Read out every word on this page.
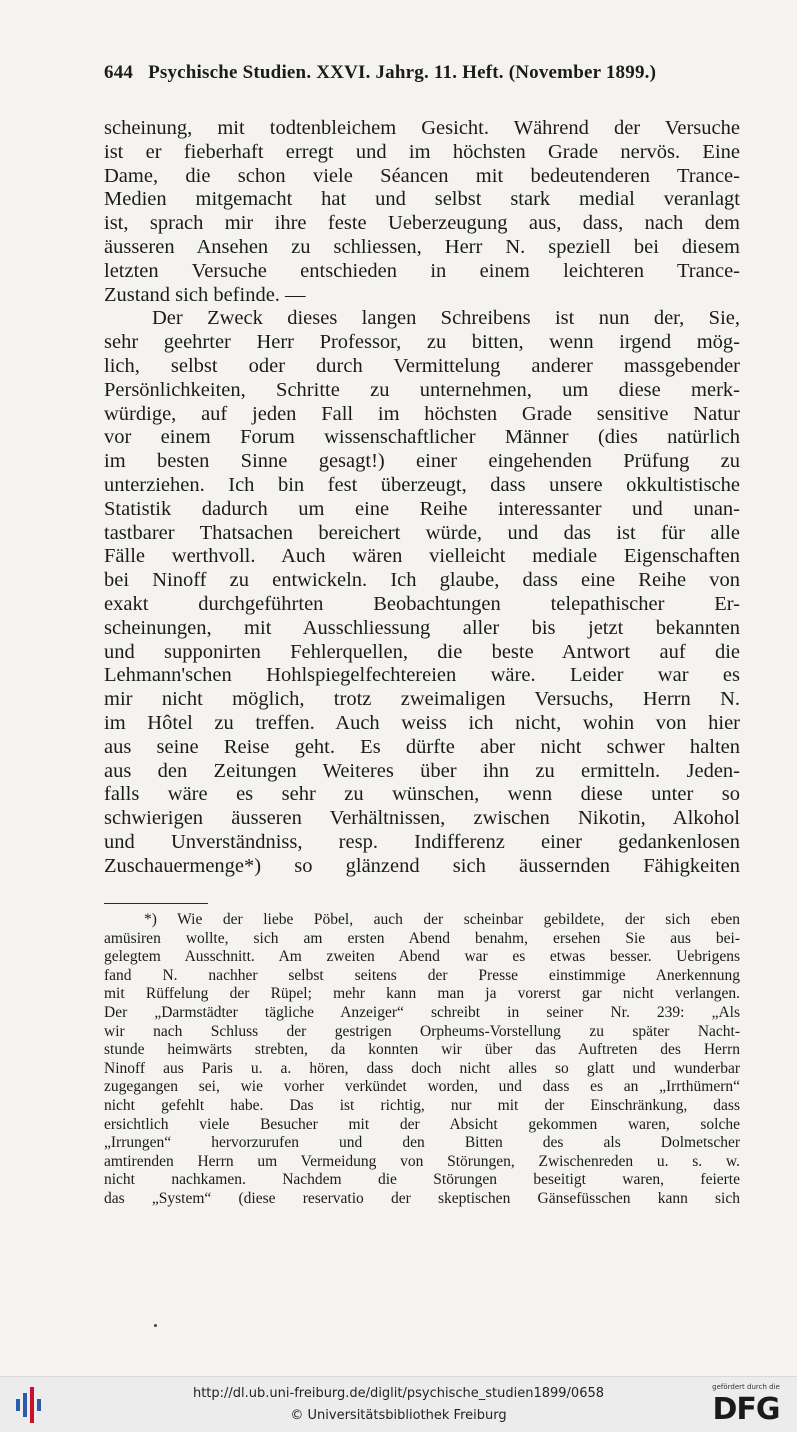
644 Psychische Studien. XXVI. Jahrg. 11. Heft. (November 1899.)
scheinung, mit todtenbleichem Gesicht. Während der Versuche
ist er fieberhaft erregt und im höchsten Grade nervös. Eine
Dame, die schon viele Séancen mit bedeutenderen Trance-
Medien mitgemacht hat und selbst stark medial veranlagt
ist, sprach mir ihre feste Ueberzeugung aus, dass, nach dem
äusseren Ansehen zu schliessen, Herr N. speziell bei diesem
letzten Versuche entschieden in einem leichteren Trance-
Zustand sich befinde. —
Der Zweck dieses langen Schreibens ist nun der, Sie,
sehr geehrter Herr Professor, zu bitten, wenn irgend mög-
lich, selbst oder durch Vermittelung anderer massgebender
Persönlichkeiten, Schritte zu unternehmen, um diese merk-
würdige, auf jeden Fall im höchsten Grade sensitive Natur
vor einem Forum wissenschaftlicher Männer (dies natürlich
im besten Sinne gesagt!) einer eingehenden Prüfung zu
unterziehen. Ich bin fest überzeugt, dass unsere okkultistische
Statistik dadurch um eine Reihe interessanter und unan-
tastbarer Thatsachen bereichert würde, und das ist für alle
Fälle werthvoll. Auch wären vielleicht mediale Eigenschaften
bei Ninoff zu entwickeln. Ich glaube, dass eine Reihe von
exakt durchgeführten Beobachtungen telepathischer Er-
scheinungen, mit Ausschliessung aller bis jetzt bekannten
und supponirten Fehlerquellen, die beste Antwort auf die
Lehmann'schen Hohlspiegelfechtereien wäre. Leider war es
mir nicht möglich, trotz zweimaligen Versuchs, Herrn N.
im Hôtel zu treffen. Auch weiss ich nicht, wohin von hier
aus seine Reise geht. Es dürfte aber nicht schwer halten
aus den Zeitungen Weiteres über ihn zu ermitteln. Jeden-
falls wäre es sehr zu wünschen, wenn diese unter so
schwierigen äusseren Verhältnissen, zwischen Nikotin, Alkohol
und Unverständniss, resp. Indifferenz einer gedankenlosen
Zuschauermenge*) so glänzend sich äussernden Fähigkeiten
*) Wie der liebe Pöbel, auch der scheinbar gebildete, der sich eben
amüsiren wollte, sich am ersten Abend benahm, ersehen Sie aus bei-
gelegtem Ausschnitt. Am zweiten Abend war es etwas besser. Uebrigens
fand N. nachher selbst seitens der Presse einstimmige Anerkennung
mit Rüffelung der Rüpel; mehr kann man ja vorerst gar nicht verlangen.
Der „Darmstädter tägliche Anzeiger“ schreibt in seiner Nr. 239: „Als
wir nach Schluss der gestrigen Orpheums-Vorstellung zu später Nacht-
stunde heimwärts strebten, da konnten wir über das Auftreten des Herrn
Ninoff aus Paris u. a. hören, dass doch nicht alles so glatt und wunderbar
zugegangen sei, wie vorher verkündet worden, und dass es an „Irrthümern“
nicht gefehlt habe. Das ist richtig, nur mit der Einschränkung, dass
ersichtlich viele Besucher mit der Absicht gekommen waren, solche
„Irrungen“ hervorzurufen und den Bitten des als Dolmetscher
amtirenden Herrn um Vermeidung von Störungen, Zwischenreden u. s. w.
nicht nachkamen. Nachdem die Störungen beseitigt waren, feierte
das „System“ (diese reservatio der skeptischen Gänsefüsschen kann sich
http://dl.ub.uni-freiburg.de/diglit/psychische_studien1899/0658
© Universitätsbibliothek Freiburg
gefördert durch die
DFG
